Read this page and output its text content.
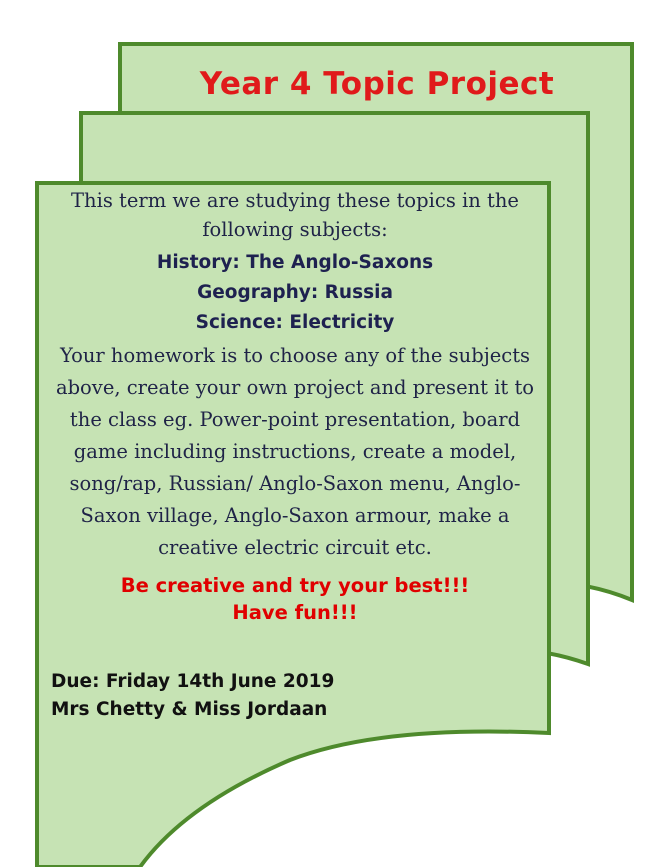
Year 4 Topic Project

This term we are studying these topics in the following subjects:

History: The Anglo-Saxons

Geography: Russia

Science: Electricity

Your homework is to choose any of the subjects above, create your own project and present it to the class eg. Power-point presentation, board game including instructions, create a model, song/rap, Russian/ Anglo-Saxon menu, Anglo-Saxon village, Anglo-Saxon armour, make a creative electric circuit etc.

Be creative and try your best!!!
Have fun!!!

Due: Friday 14th June 2019
Mrs Chetty & Miss Jordaan
